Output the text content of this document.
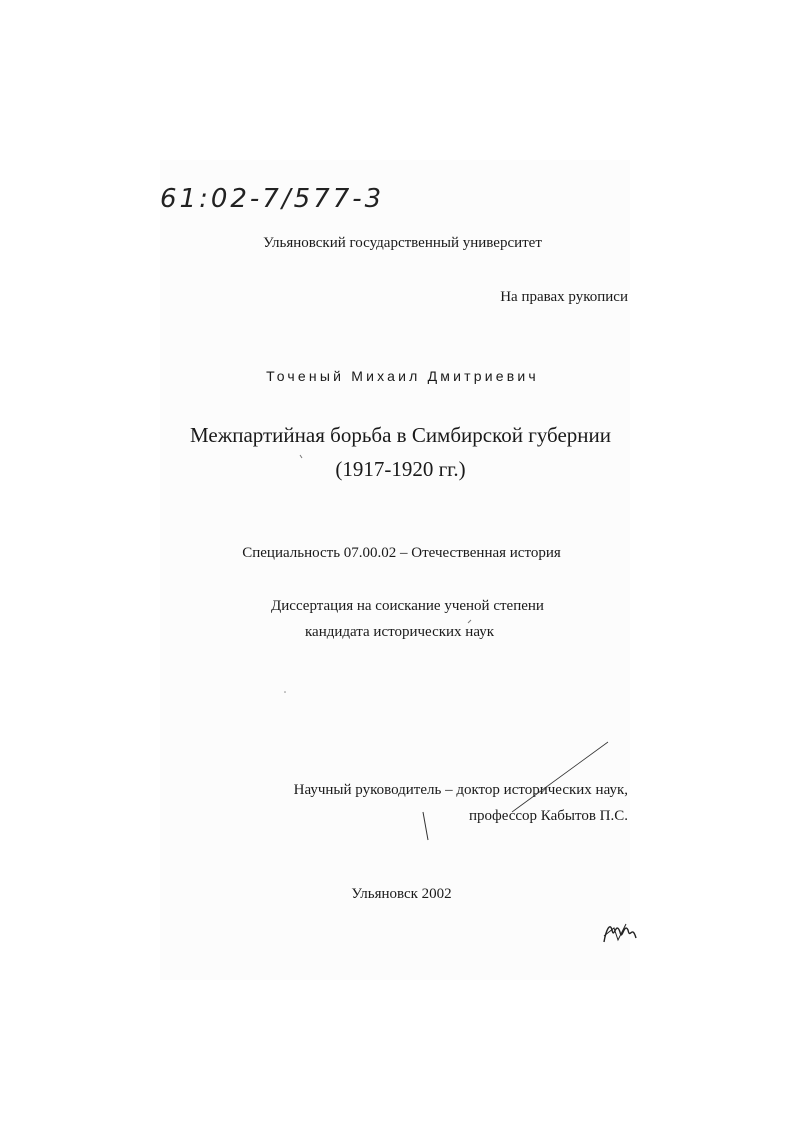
61:02-7/577-3
Ульяновский государственный университет
На правах рукописи
Точеный Михаил Дмитриевич
Межпартийная борьба в Симбирской губернии
(1917-1920 гг.)
Специальность 07.00.02 – Отечественная история
Диссертация на соискание ученой степени
кандидата исторических наук
Научный руководитель – доктор исторических наук,
профессор Кабытов П.С.
Ульяновск 2002
